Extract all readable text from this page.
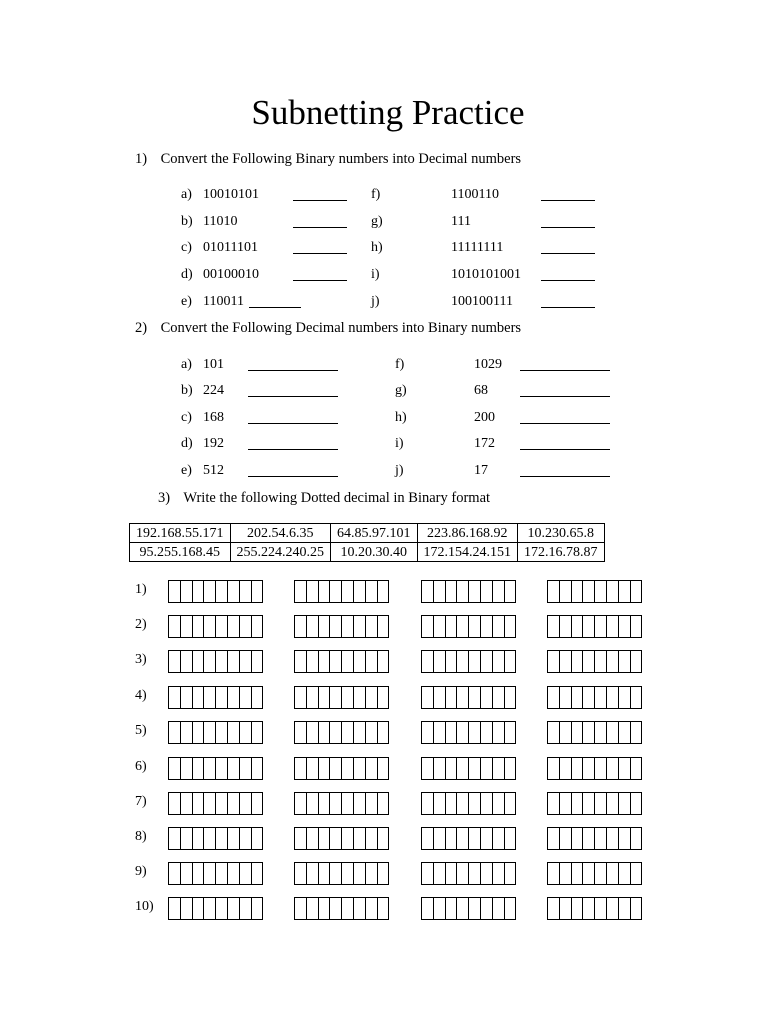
Subnetting Practice
1) Convert the Following Binary numbers into Decimal numbers
a) 10010101
b) 11010
c) 01011101
d) 00100010
e) 110011
f)	1100110
g)	111
h)	11111111
i)	1010101001
j)	100100111
2) Convert the Following Decimal numbers into Binary numbers
a) 101
b) 224
c) 168
d) 192
e) 512
f)	1029
g)	68
h)	200
i)	172
j)	17
3) Write the following Dotted decimal in Binary format
192.168.55.171	202.54.6.35	64.85.97.101	223.86.168.92	10.230.65.8
95.255.168.45	255.224.240.25	10.20.30.40	172.154.24.151	172.16.78.87
1)
2)
3)
4)
5)
6)
7)
8)
9)
10)
